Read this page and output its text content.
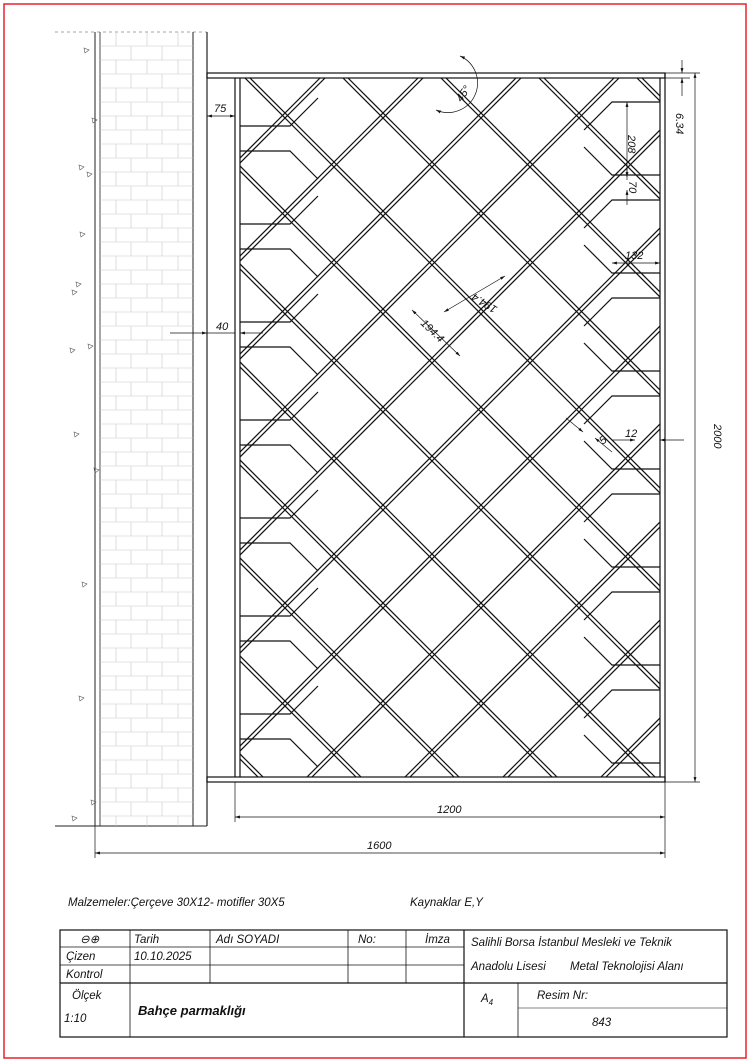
75
45°
6.34
208
70
132
194.4
194.4
40
5
12	2000
1200
1600
Malzemeler:Çerçeve 30X12- motifler 30X5	Kaynaklar E,Y
⊖⊕	Tarih	Adı SOYADI	No:	İmza
Çizen	10.10.2025
Kontrol
Salihli Borsa İstanbul Mesleki ve Teknik
Anadolu Lisesi Metal Teknolojisi Alanı
Ölçek
1:10
Bahçe parmaklığı
$A_4$
Resim Nr:
843
